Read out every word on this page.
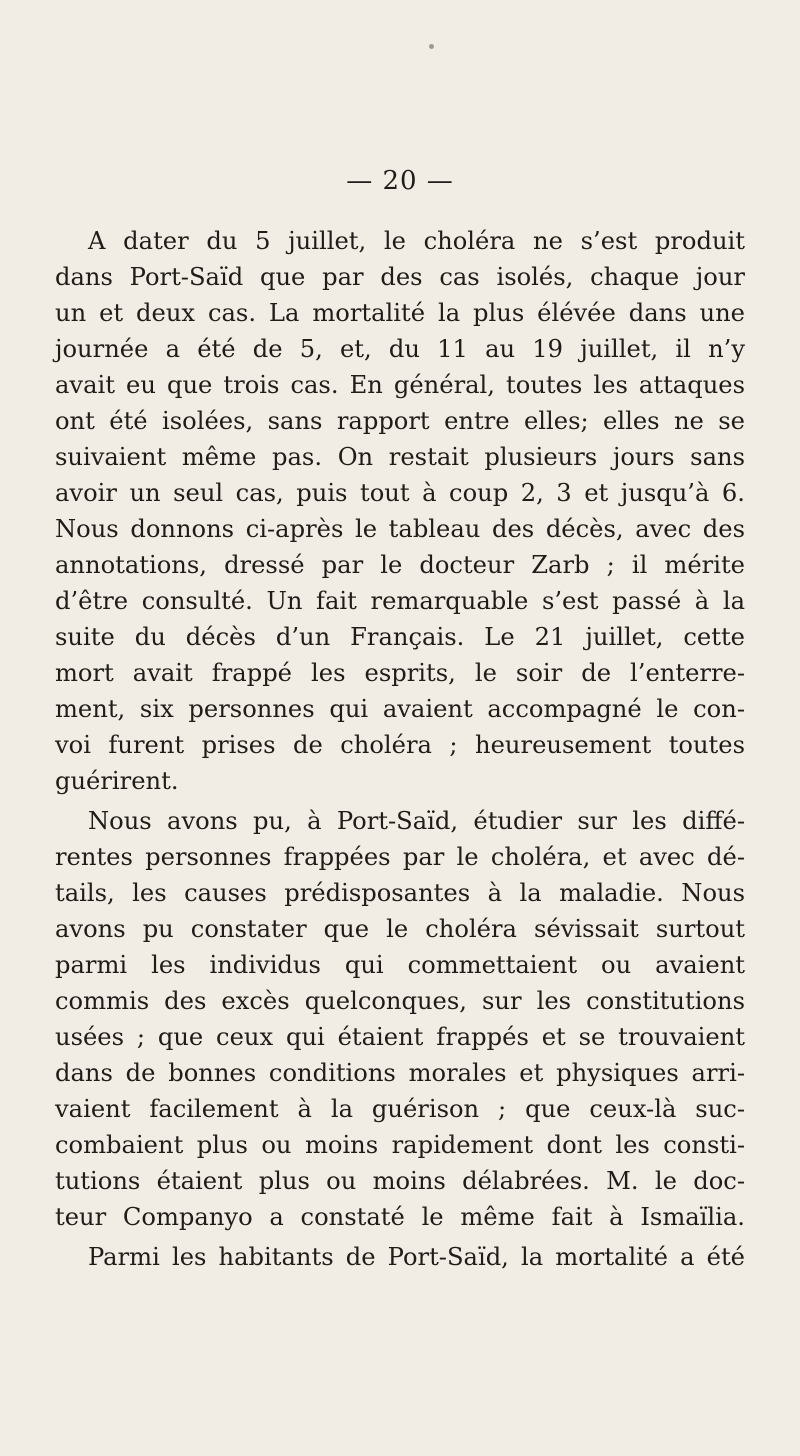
— 20 —
A dater du 5 juillet, le choléra ne s’est produit
dans Port-Saïd que par des cas isolés, chaque jour
un et deux cas. La mortalité la plus élévée dans une
journée a été de 5, et, du 11 au 19 juillet, il n’y
avait eu que trois cas. En général, toutes les attaques
ont été isolées, sans rapport entre elles; elles ne se
suivaient même pas. On restait plusieurs jours sans
avoir un seul cas, puis tout à coup 2, 3 et jusqu’à 6.
Nous donnons ci-après le tableau des décès, avec des
annotations, dressé par le docteur Zarb ; il mérite
d’être consulté. Un fait remarquable s’est passé à la
suite du décès d’un Français. Le 21 juillet, cette
mort avait frappé les esprits, le soir de l’enterre-
ment, six personnes qui avaient accompagné le con-
voi furent prises de choléra ; heureusement toutes
guérirent.
Nous avons pu, à Port-Saïd, étudier sur les diffé-
rentes personnes frappées par le choléra, et avec dé-
tails, les causes prédisposantes à la maladie. Nous
avons pu constater que le choléra sévissait surtout
parmi les individus qui commettaient ou avaient
commis des excès quelconques, sur les constitutions
usées ; que ceux qui étaient frappés et se trouvaient
dans de bonnes conditions morales et physiques arri-
vaient facilement à la guérison ; que ceux-là suc-
combaient plus ou moins rapidement dont les consti-
tutions étaient plus ou moins délabrées. M. le doc-
teur Companyo a constaté le même fait à Ismaïlia.
Parmi les habitants de Port-Saïd, la mortalité a été
